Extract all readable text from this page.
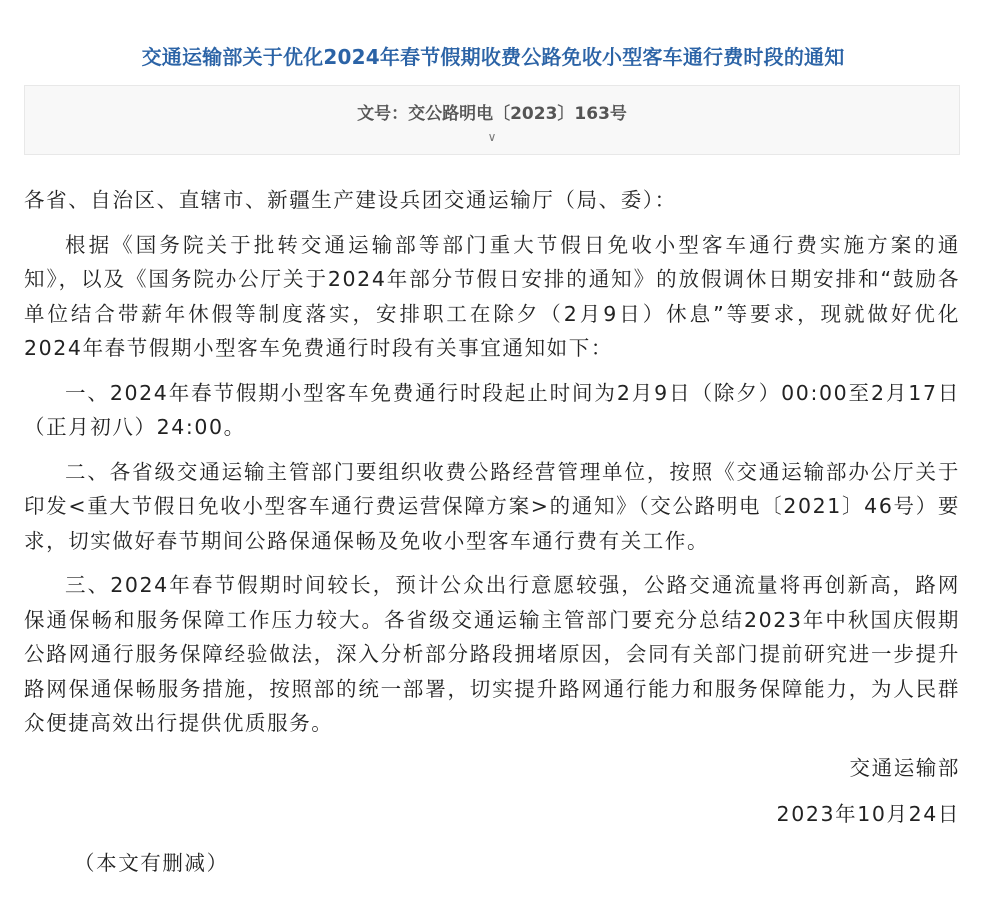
交通运输部关于优化2024年春节假期收费公路免收小型客车通行费时段的通知
文号：交公路明电〔2023〕163号
∨

各省、自治区、直辖市、新疆生产建设兵团交通运输厅（局、委）：

根据《国务院关于批转交通运输部等部门重大节假日免收小型客车通行费实施方案的通知》，以及《国务院办公厅关于2024年部分节假日安排的通知》的放假调休日期安排和“鼓励各单位结合带薪年休假等制度落实，安排职工在除夕（2月9日）休息”等要求，现就做好优化2024年春节假期小型客车免费通行时段有关事宜通知如下：

一、2024年春节假期小型客车免费通行时段起止时间为2月9日（除夕）00:00至2月17日（正月初八）24:00。

二、各省级交通运输主管部门要组织收费公路经营管理单位，按照《交通运输部办公厅关于印发<重大节假日免收小型客车通行费运营保障方案>的通知》（交公路明电〔2021〕46号）要求，切实做好春节期间公路保通保畅及免收小型客车通行费有关工作。

三、2024年春节假期时间较长，预计公众出行意愿较强，公路交通流量将再创新高，路网保通保畅和服务保障工作压力较大。各省级交通运输主管部门要充分总结2023年中秋国庆假期公路网通行服务保障经验做法，深入分析部分路段拥堵原因，会同有关部门提前研究进一步提升路网保通保畅服务措施，按照部的统一部署，切实提升路网通行能力和服务保障能力，为人民群众便捷高效出行提供优质服务。

交通运输部

2023年10月24日

（本文有删减）
